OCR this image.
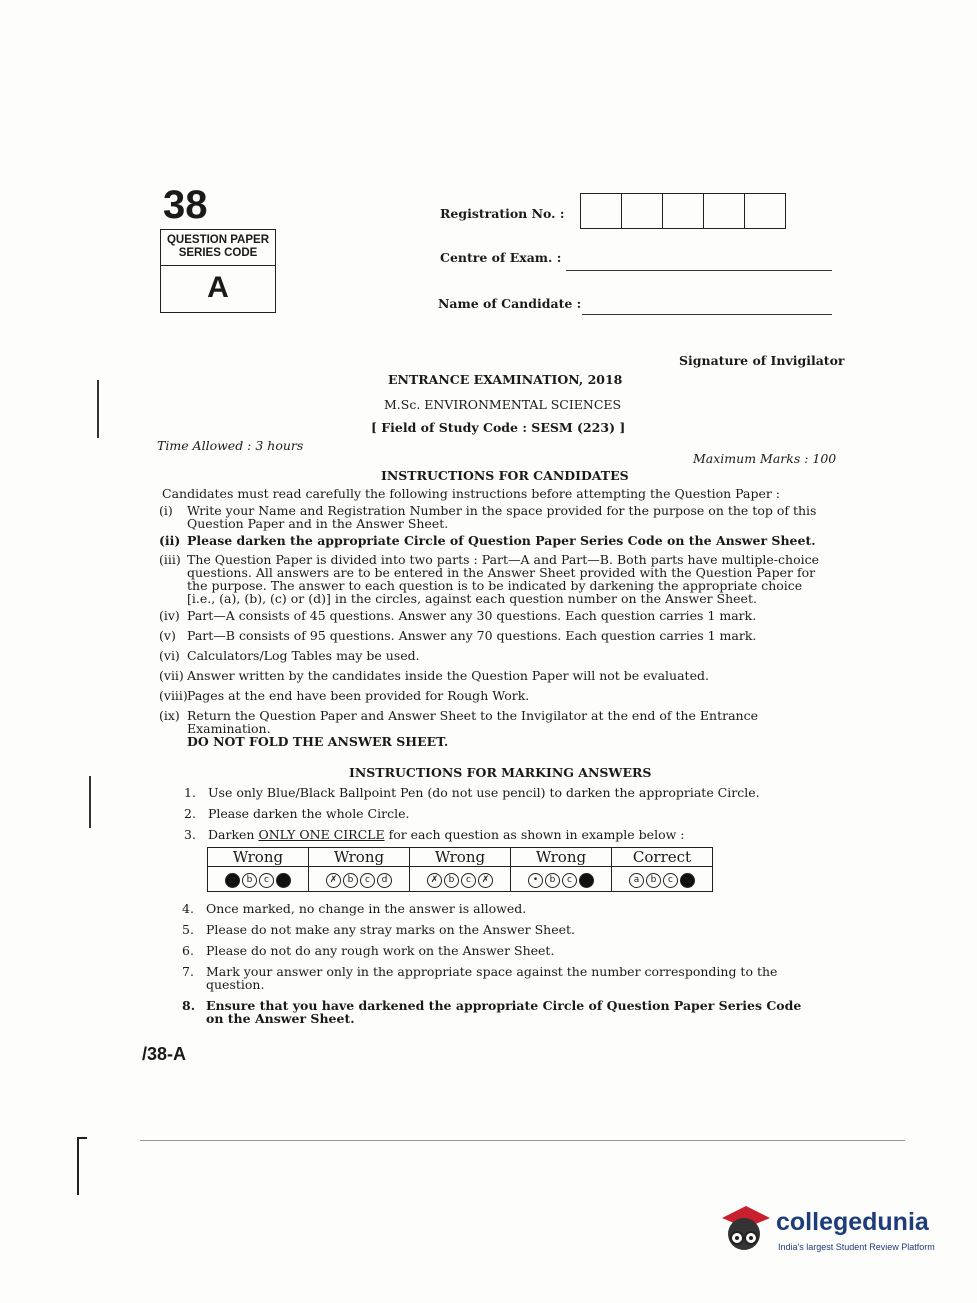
38
QUESTION PAPER
SERIES CODE
A
Registration No. :
Centre of Exam. :
Name of Candidate :
Signature of Invigilator
ENTRANCE EXAMINATION, 2018
M.Sc. ENVIRONMENTAL SCIENCES
[ Field of Study Code : SESM (223) ]
Time Allowed : 3 hours
Maximum Marks : 100
INSTRUCTIONS FOR CANDIDATES
Candidates must read carefully the following instructions before attempting the Question Paper :
(i)	Write your Name and Registration Number in the space provided for the purpose on the top of this Question Paper and in the Answer Sheet.
(ii) Please darken the appropriate Circle of Question Paper Series Code on the Answer Sheet.
(iii) The Question Paper is divided into two parts : Part—A and Part—B. Both parts have multiple-choice questions. All answers are to be entered in the Answer Sheet provided with the Question Paper for the purpose. The answer to each question is to be indicated by darkening the appropriate choice [i.e., (a), (b), (c) or (d)] in the circles, against each question number on the Answer Sheet.
(iv) Part—A consists of 45 questions. Answer any 30 questions. Each question carries 1 mark.
(v) Part—B consists of 95 questions. Answer any 70 questions. Each question carries 1 mark.
(vi) Calculators/Log Tables may be used.
(vii) Answer written by the candidates inside the Question Paper will not be evaluated.
(viii) Pages at the end have been provided for Rough Work.
(ix) Return the Question Paper and Answer Sheet to the Invigilator at the end of the Entrance Examination.
DO NOT FOLD THE ANSWER SHEET.
INSTRUCTIONS FOR MARKING ANSWERS
1. Use only Blue/Black Ballpoint Pen (do not use pencil) to darken the appropriate Circle.
2. Please darken the whole Circle.
3. Darken ONLY ONE CIRCLE for each question as shown in example below :
Wrong	Wrong	Wrong	Wrong	Correct
b c	✗ b c d	✗ b c ✗	• b c	a b c
4. Once marked, no change in the answer is allowed.
5. Please do not make any stray marks on the Answer Sheet.
6. Please do not do any rough work on the Answer Sheet.
7. Mark your answer only in the appropriate space against the number corresponding to the question.
8. Ensure that you have darkened the appropriate Circle of Question Paper Series Code on the Answer Sheet.
/38-A
collegedunia
India's largest Student Review Platform
